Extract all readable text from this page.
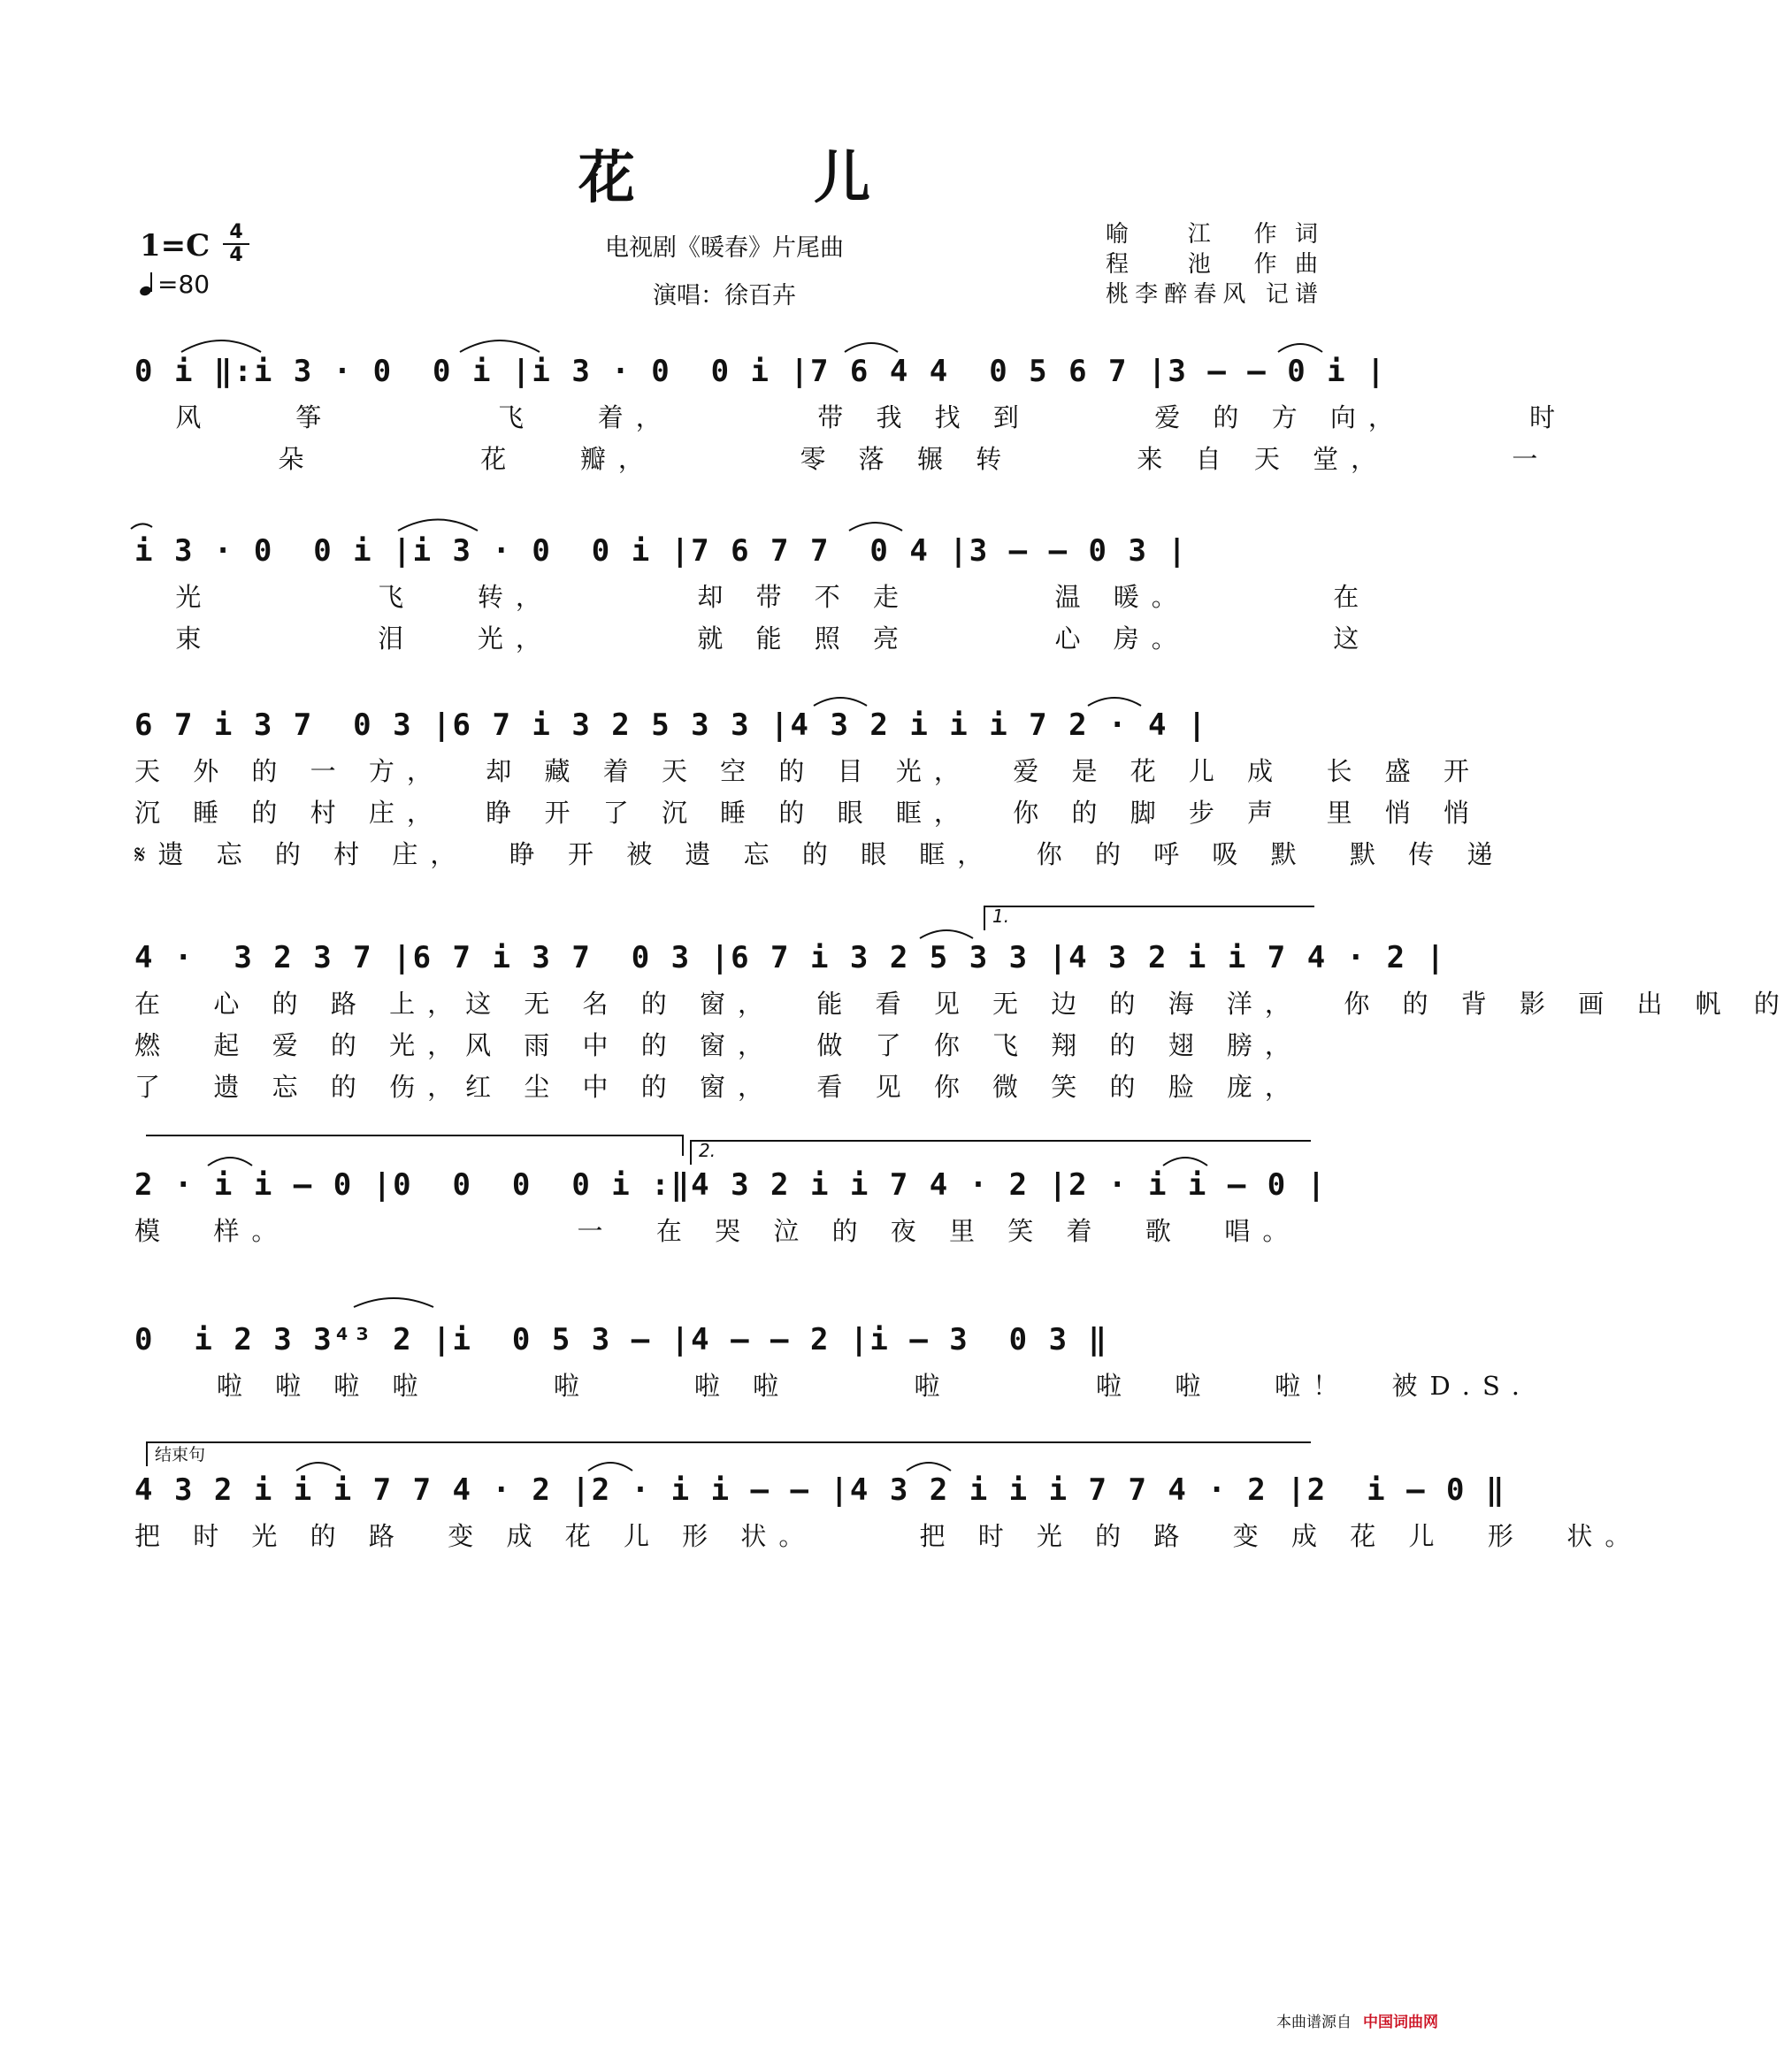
花 儿
1=C	4
4
=80
电视剧《暖春》片尾曲
演唱：徐百卉
喻　江 作词
程　池 作曲
桃李醉春风 记谱
0 i ‖:i 3 · 0  0 i |i 3 · 0  0 i |7 6 4 4  0 5 6 7 |3 – – 0 i |
风    筝        飞   着，       带 我 找 到      爱 的 方 向，      时
朵        花   瓣，       零 落 辗 转      来 自 天 堂，      一
i 3 · 0  0 i |i 3 · 0  0 i |7 6 7 7  0 4 |3 – – 0 3 |
光        飞   转，       却 带 不 走       温 暖。       在
束        泪   光，       就 能 照 亮       心 房。       这
6 7 i 3 7  0 3 |6 7 i 3 2 5 3 3 |4 3 2 i i i 7 2 · 4 |
天 外 的 一 方，  却 藏 着 天 空 的 目 光，  爱 是 花 儿 成  长 盛 开
沉 睡 的 村 庄，  睁 开 了 沉 睡 的 眼 眶，  你 的 脚 步 声  里 悄 悄
𝄋遗 忘 的 村 庄，  睁 开 被 遗 忘 的 眼 眶，  你 的 呼 吸 默  默 传 递
1.
4 ·  3 2 3 7 |6 7 i 3 7  0 3 |6 7 i 3 2 5 3 3 |4 3 2 i i 7 4 · 2 |
在  心 的 路 上，这 无 名 的 窗，  能 看 见 无 边 的 海 洋，  你 的 背 影 画 出 帆 的
燃  起 爱 的 光，风 雨 中 的 窗，  做 了 你 飞 翔 的 翅 膀，
了  遗 忘 的 伤，红 尘 中 的 窗，  看 见 你 微 笑 的 脸 庞，
2.
2 · i i – 0 |0  0  0  0 i :‖4 3 2 i i 7 4 · 2 |2 · i i – 0 |
模  样。              一  在 哭 泣 的 夜 里 笑 着  歌  唱。
0  i 2 3 3⁴³ 2 |i  0 5 3 – |4 – – 2 |i – 3  0 3 ‖
啦 啦 啦 啦      啦     啦 啦      啦       啦  啦   啦！  被D.S.
结束句
4 3 2 i i i 7 7 4 · 2 |2 · i i – – |4 3 2 i i i 7 7 4 · 2 |2  i – 0 ‖
把 时 光 的 路  变 成 花 儿 形 状。     把 时 光 的 路  变 成 花 儿  形  状。
本曲谱源自 中国词曲网
